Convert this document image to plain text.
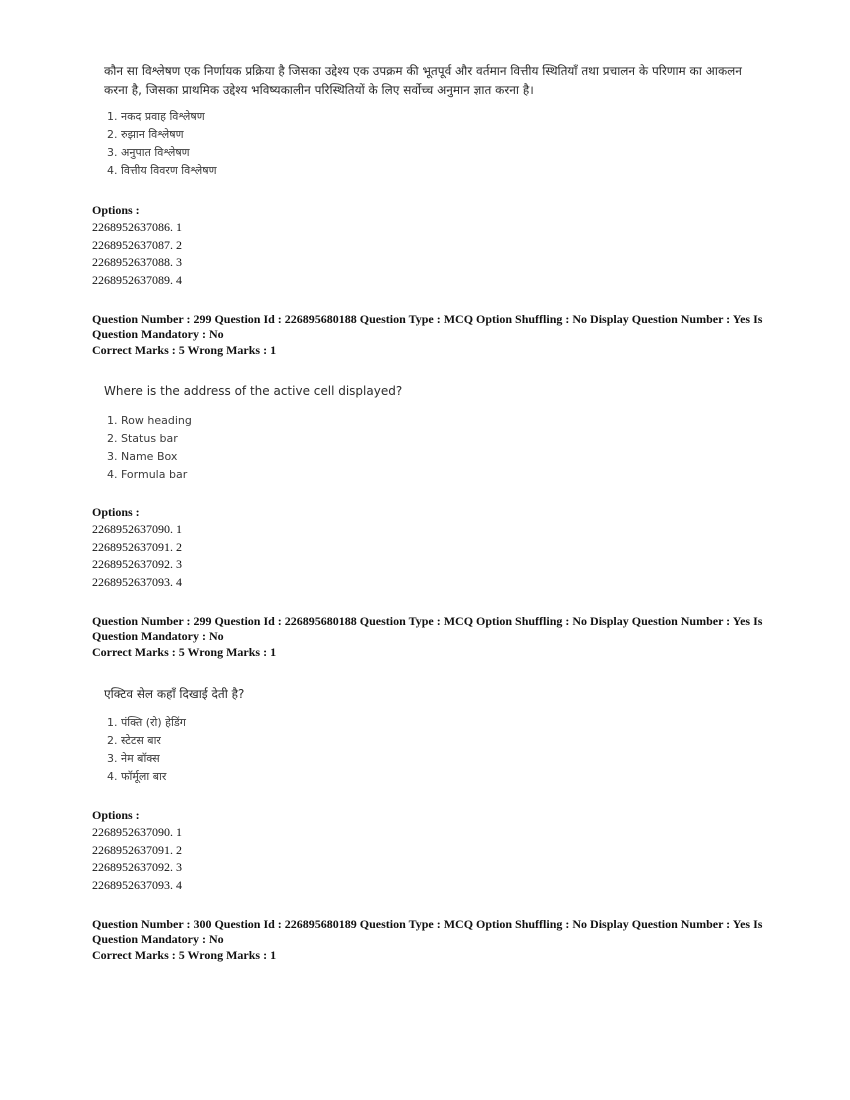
कौन सा विश्लेषण एक निर्णायक प्रक्रिया है जिसका उद्देश्य एक उपक्रम की भूतपूर्व और वर्तमान वित्तीय स्थितियाँ तथा प्रचालन के परिणाम का आकलन करना है, जिसका प्राथमिक उद्देश्य भविष्यकालीन परिस्थितियों के लिए सर्वोच्च अनुमान ज्ञात करना है।
1. नकद प्रवाह विश्लेषण
2. रुझान विश्लेषण
3. अनुपात विश्लेषण
4. वित्तीय विवरण विश्लेषण
Options :
2268952637086. 1
2268952637087. 2
2268952637088. 3
2268952637089. 4
Question Number : 299 Question Id : 226895680188 Question Type : MCQ Option Shuffling : No Display Question Number : Yes Is
Question Mandatory : No
Correct Marks : 5 Wrong Marks : 1
Where is the address of the active cell displayed?
1. Row heading
2. Status bar
3. Name Box
4. Formula bar
Options :
2268952637090. 1
2268952637091. 2
2268952637092. 3
2268952637093. 4
Question Number : 299 Question Id : 226895680188 Question Type : MCQ Option Shuffling : No Display Question Number : Yes Is
Question Mandatory : No
Correct Marks : 5 Wrong Marks : 1
एक्टिव सेल कहाँ दिखाई देती है?
1. पंक्ति (रो) हेडिंग
2. स्टेटस बार
3. नेम बॉक्स
4. फॉर्मूला बार
Options :
2268952637090. 1
2268952637091. 2
2268952637092. 3
2268952637093. 4
Question Number : 300 Question Id : 226895680189 Question Type : MCQ Option Shuffling : No Display Question Number : Yes Is
Question Mandatory : No
Correct Marks : 5 Wrong Marks : 1
